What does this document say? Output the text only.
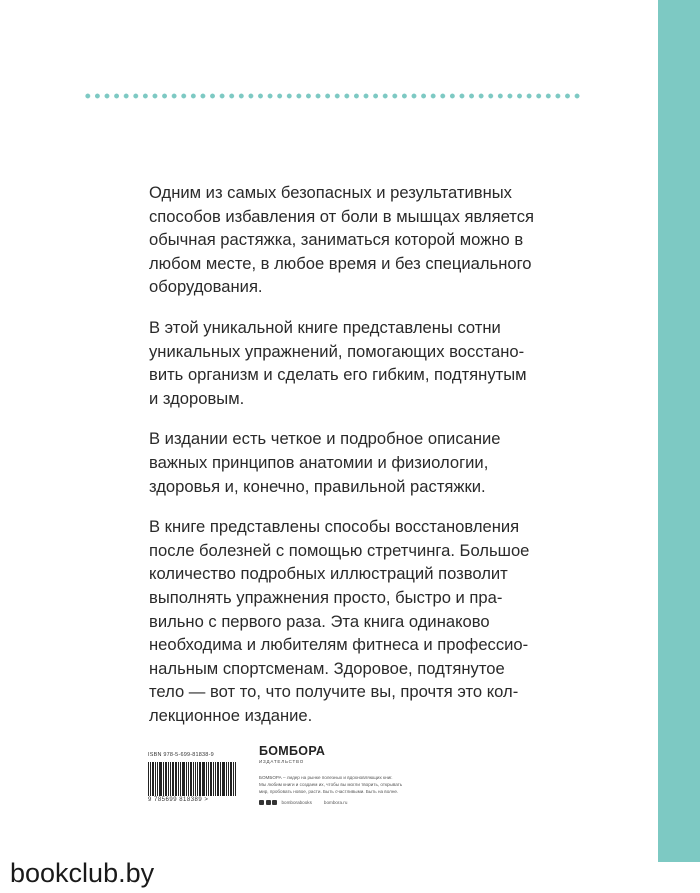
Одним из самых безопасных и результативных
способов избавления от боли в мышцах является
обычная растяжка, заниматься которой можно в
любом месте, в любое время и без специального
оборудования.

В этой уникальной книге представлены сотни
уникальных упражнений, помогающих восстано-
вить организм и сделать его гибким, подтянутым
и здоровым.

В издании есть четкое и подробное описание
важных принципов анатомии и физиологии,
здоровья и, конечно, правильной растяжки.

В книге представлены способы восстановления
после болезней с помощью стретчинга. Большое
количество подробных иллюстраций позволит
выполнять упражнения просто, быстро и пра-
вильно с первого раза. Эта книга одинаково
необходима и любителям фитнеса и профессио-
нальным спортсменам. Здоровое, подтянутое
тело — вот то, что получите вы, прочтя это кол-
лекционное издание.

ISBN 978-5-699-81838-9
9 785699 818389 >
БОМБОРА
ИЗДАТЕЛЬСТВО
БОМБОРА – лидер на рынке полезных и вдохновляющих книг.
Мы любим книги и создаем их, чтобы вы могли творить, открывать
мир, пробовать новое, расти. Быть счастливыми. Быть на волне.
bomborabooks	bombora.ru
bookclub.by
